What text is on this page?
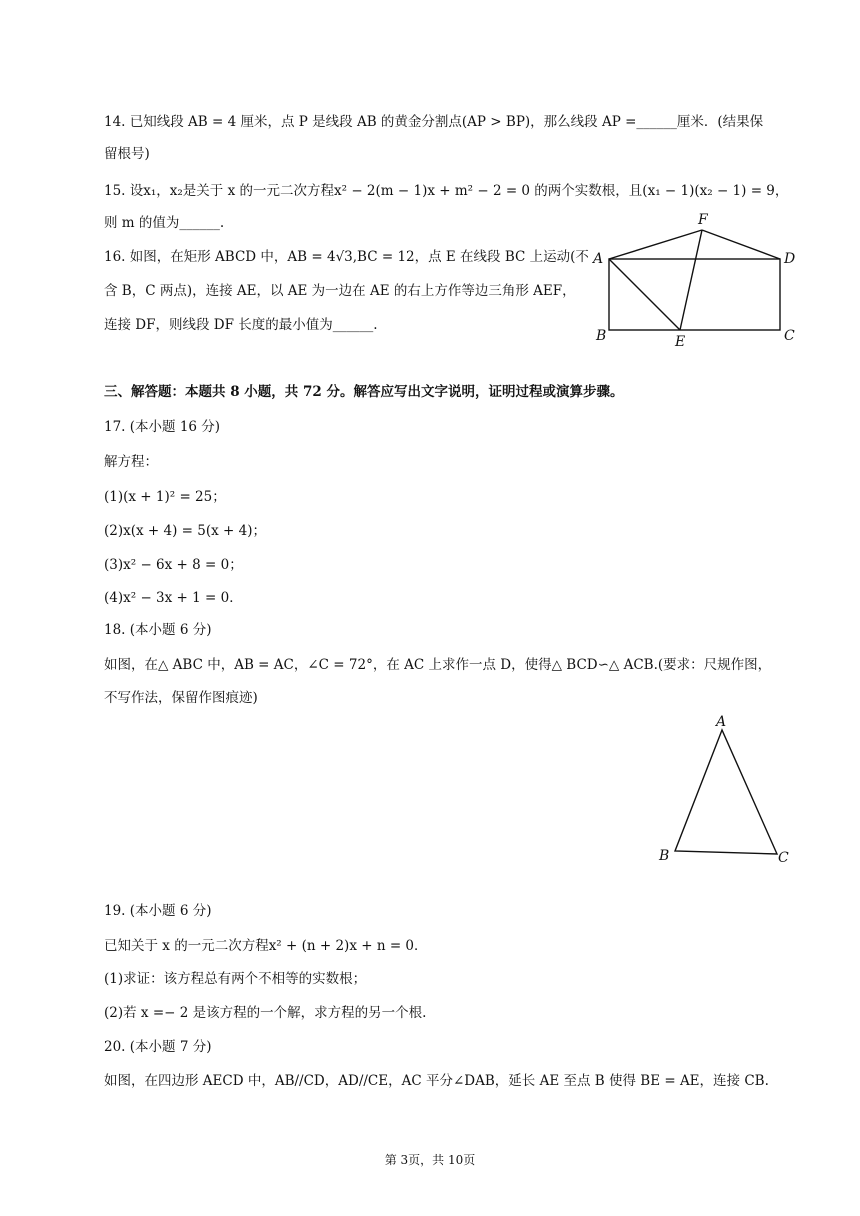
14. 已知线段 AB = 4 厘米，点 P 是线段 AB 的黄金分割点(AP > BP)，那么线段 AP =______厘米．(结果保
留根号)
15. 设x₁，x₂是关于 x 的一元二次方程x² − 2(m − 1)x + m² − 2 = 0 的两个实数根，且(x₁ − 1)(x₂ − 1) = 9，
则 m 的值为______.
16. 如图，在矩形 ABCD 中，AB = 4√3,BC = 12，点 E 在线段 BC 上运动(不
含 B，C 两点)，连接 AE，以 AE 为一边在 AE 的右上方作等边三角形 AEF，
连接 DF，则线段 DF 长度的最小值为______.
A
B	C
D
E
F
三、解答题：本题共 8 小题，共 72 分。解答应写出文字说明，证明过程或演算步骤。
17. (本小题 16 分)
解方程：
(1)(x + 1)² = 25；
(2)x(x + 4) = 5(x + 4)；
(3)x² − 6x + 8 = 0；
(4)x² − 3x + 1 = 0．
18. (本小题 6 分)
如图，在△ ABC 中，AB = AC，∠C = 72°，在 AC 上求作一点 D，使得△ BCD∽△ ACB.(要求：尺规作图，
不写作法，保留作图痕迹)
A
B	C
19. (本小题 6 分)
已知关于 x 的一元二次方程x² + (n + 2)x + n = 0．
(1)求证：该方程总有两个不相等的实数根；
(2)若 x =− 2 是该方程的一个解，求方程的另一个根.
20. (本小题 7 分)
如图，在四边形 AECD 中，AB//CD，AD//CE，AC 平分∠DAB，延长 AE 至点 B 使得 BE = AE，连接 CB.
第 3页，共 10页
